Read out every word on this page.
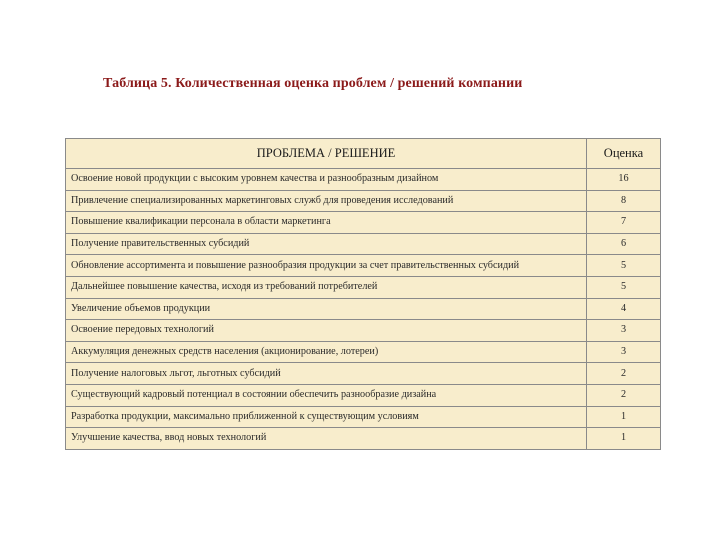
Таблица 5. Количественная оценка проблем / решений компании
ПРОБЛЕМА / РЕШЕНИЕ	Оценка
Освоение новой продукции с высоким уровнем качества и разнообразным дизайном	16
Привлечение специализированных маркетинговых служб для проведения исследований	8
Повышение квалификации персонала в области маркетинга	7
Получение правительственных субсидий	6
Обновление ассортимента и повышение разнообразия продукции за счет правительственных субсидий	5
Дальнейшее повышение качества, исходя из требований потребителей	5
Увеличение объемов продукции	4
Освоение передовых технологий	3
Аккумуляция денежных средств населения (акционирование, лотереи)	3
Получение налоговых льгот, льготных субсидий	2
Существующий кадровый потенциал в состоянии обеспечить разнообразие дизайна	2
Разработка продукции, максимально приближенной к существующим условиям	1
Улучшение качества, ввод новых технологий	1
